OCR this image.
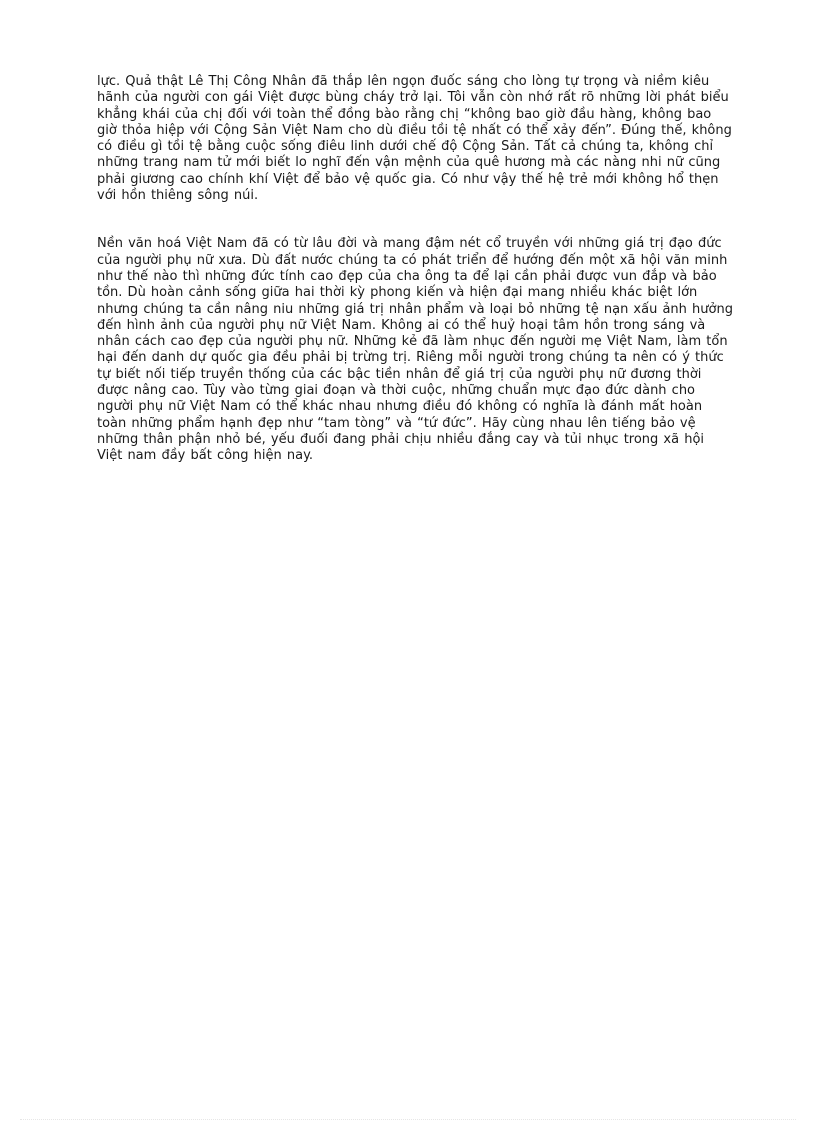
lực. Quả thật Lê Thị Công Nhân đã thắp lên ngọn đuốc sáng cho lòng tự trọng và niềm kiêu hãnh của người con gái Việt được bùng cháy trở lại. Tôi vẫn còn nhớ rất rõ những lời phát biểu khẳng khái của chị đối với toàn thể đồng bào rằng chị “không bao giờ đầu hàng, không bao giờ thỏa hiệp với Cộng Sản Việt Nam cho dù điều tồi tệ nhất có thể xảy đến”. Đúng thế, không có điều gì tồi tệ bằng cuộc sống điêu linh dưới chế độ Cộng Sản. Tất cả chúng ta, không chỉ những trang nam tử mới biết lo nghĩ đến vận mệnh của quê hương mà các nàng nhi nữ cũng phải giương cao chính khí Việt để bảo vệ quốc gia. Có như vậy thế hệ trẻ mới không hổ thẹn với hồn thiêng sông núi.

Nền văn hoá Việt Nam đã có từ lâu đời và mang đậm nét cổ truyền với những giá trị đạo đức của người phụ nữ xưa. Dù đất nước chúng ta có phát triển để hướng đến một xã hội văn minh như thế nào thì những đức tính cao đẹp của cha ông ta để lại cần phải được vun đắp và bảo tồn. Dù hoàn cảnh sống giữa hai thời kỳ phong kiến và hiện đại mang nhiều khác biệt lớn nhưng chúng ta cần nâng niu những giá trị nhân phẩm và loại bỏ những tệ nạn xấu ảnh hưởng đến hình ảnh của người phụ nữ Việt Nam. Không ai có thể huỷ hoại tâm hồn trong sáng và nhân cách cao đẹp của người phụ nữ. Những kẻ đã làm nhục đến người mẹ Việt Nam, làm tổn hại đến danh dự quốc gia đều phải bị trừng trị. Riêng mỗi người trong chúng ta nên có ý thức tự biết nối tiếp truyền thống của các bậc tiền nhân để giá trị của người phụ nữ đương thời được nâng cao. Tùy vào từng giai đoạn và thời cuộc, những chuẩn mực đạo đức dành cho người phụ nữ Việt Nam có thể khác nhau nhưng điều đó không có nghĩa là đánh mất hoàn toàn những phẩm hạnh đẹp như “tam tòng” và “tứ đức”. Hãy cùng nhau lên tiếng bảo vệ những thân phận nhỏ bé, yếu đuối đang phải chịu nhiều đắng cay và tủi nhục trong xã hội Việt nam đầy bất công hiện nay.
